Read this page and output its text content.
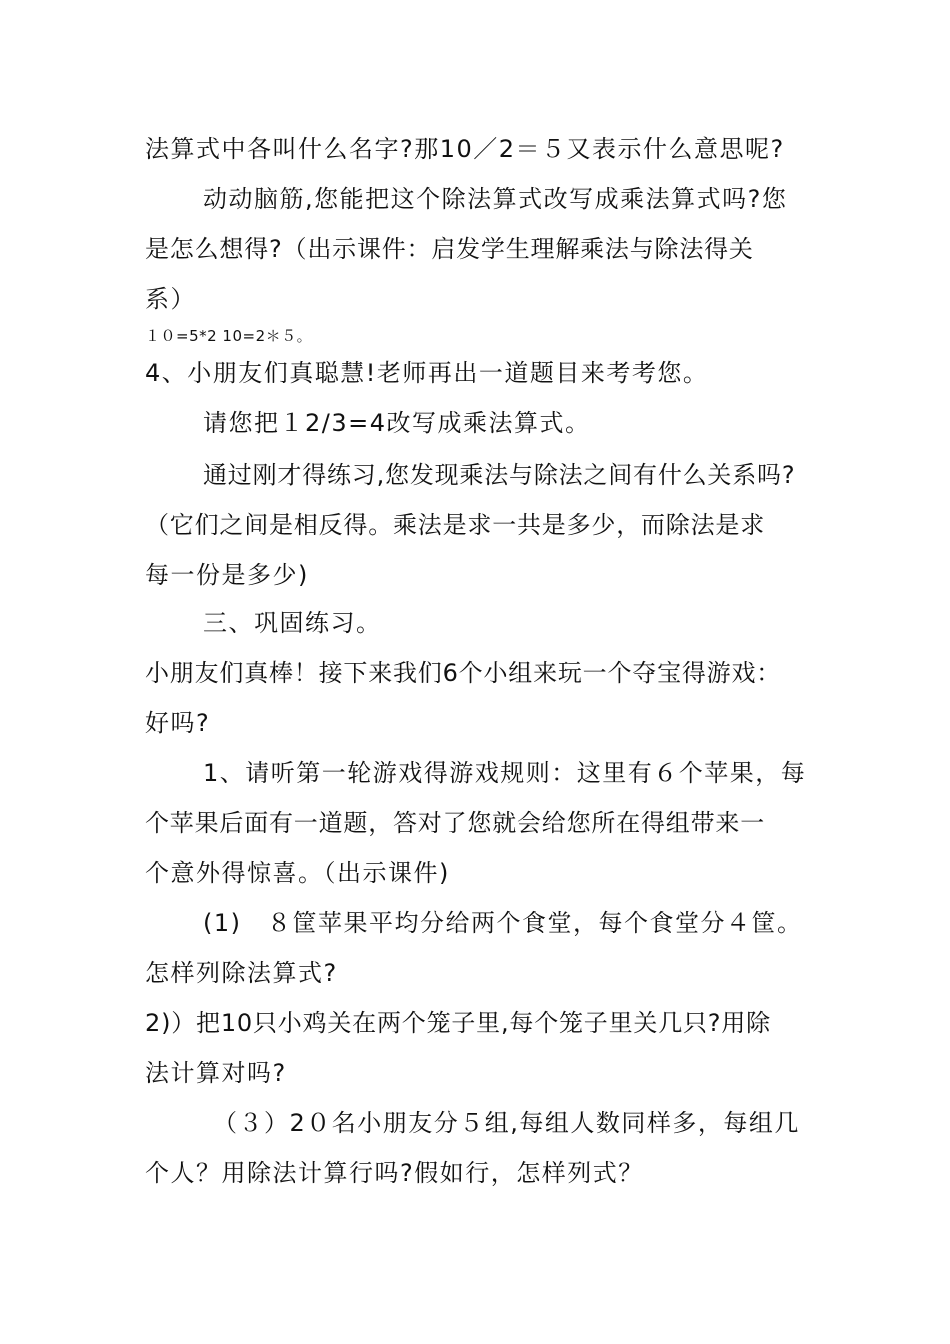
法算式中各叫什么名字?那10／2＝５又表示什么意思呢?
动动脑筋,您能把这个除法算式改写成乘法算式吗?您
是怎么想得?（出示课件：启发学生理解乘法与除法得关
系）
１０=5*2 10=2＊５。
4、小朋友们真聪慧!老师再出一道题目来考考您。
请您把１2/3=4改写成乘法算式。
通过刚才得练习,您发现乘法与除法之间有什么关系吗?
（它们之间是相反得。乘法是求一共是多少，而除法是求
每一份是多少)
三、巩固练习。
小朋友们真棒！接下来我们6个小组来玩一个夺宝得游戏：
好吗?
1、请听第一轮游戏得游戏规则：这里有６个苹果，每
个苹果后面有一道题，答对了您就会给您所在得组带来一
个意外得惊喜。（出示课件)
(1)　８筐苹果平均分给两个食堂，每个食堂分４筐。
怎样列除法算式?
2)）把10只小鸡关在两个笼子里,每个笼子里关几只?用除
法计算对吗?
（３）2０名小朋友分５组,每组人数同样多，每组几
个人？用除法计算行吗?假如行，怎样列式？
